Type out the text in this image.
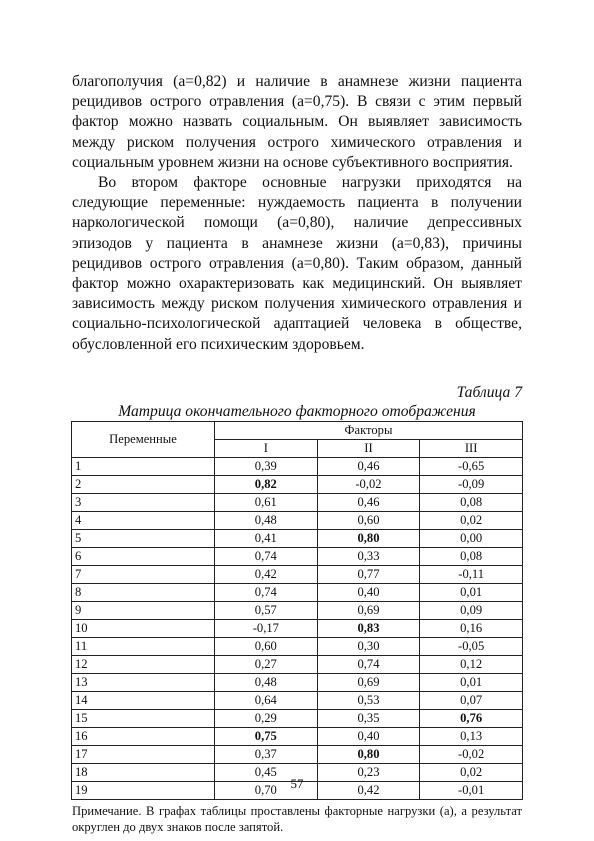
благополучия (а=0,82) и наличие в анамнезе жизни пациента рецидивов острого отравления (а=0,75). В связи с этим первый фактор можно назвать социальным. Он выявляет зависимость между риском получения острого химического отравления и социальным уровнем жизни на основе субъективного восприятия.

Во втором факторе основные нагрузки приходятся на следующие переменные: нуждаемость пациента в получении наркологической помощи (а=0,80), наличие депрессивных эпизодов у пациента в анамнезе жизни (а=0,83), причины рецидивов острого отравления (а=0,80). Таким образом, данный фактор можно охарактеризовать как медицинский. Он выявляет зависимость между риском получения химического отравления и социально-психологической адаптацией человека в обществе, обусловленной его психическим здоровьем.

Таблица 7
Матрица окончательного факторного отображения
Переменные	Факторы		
	I	II	III
1	0,39	0,46	-0,65
2	0,82	-0,02	-0,09
3	0,61	0,46	0,08
4	0,48	0,60	0,02
5	0,41	0,80	0,00
6	0,74	0,33	0,08
7	0,42	0,77	-0,11
8	0,74	0,40	0,01
9	0,57	0,69	0,09
10	-0,17	0,83	0,16
11	0,60	0,30	-0,05
12	0,27	0,74	0,12
13	0,48	0,69	0,01
14	0,64	0,53	0,07
15	0,29	0,35	0,76
16	0,75	0,40	0,13
17	0,37	0,80	-0,02
18	0,45	0,23	0,02
19	0,70	0,42	-0,01
Примечание. В графах таблицы проставлены факторные нагрузки (а), а результат округлен до двух знаков после запятой.
57
